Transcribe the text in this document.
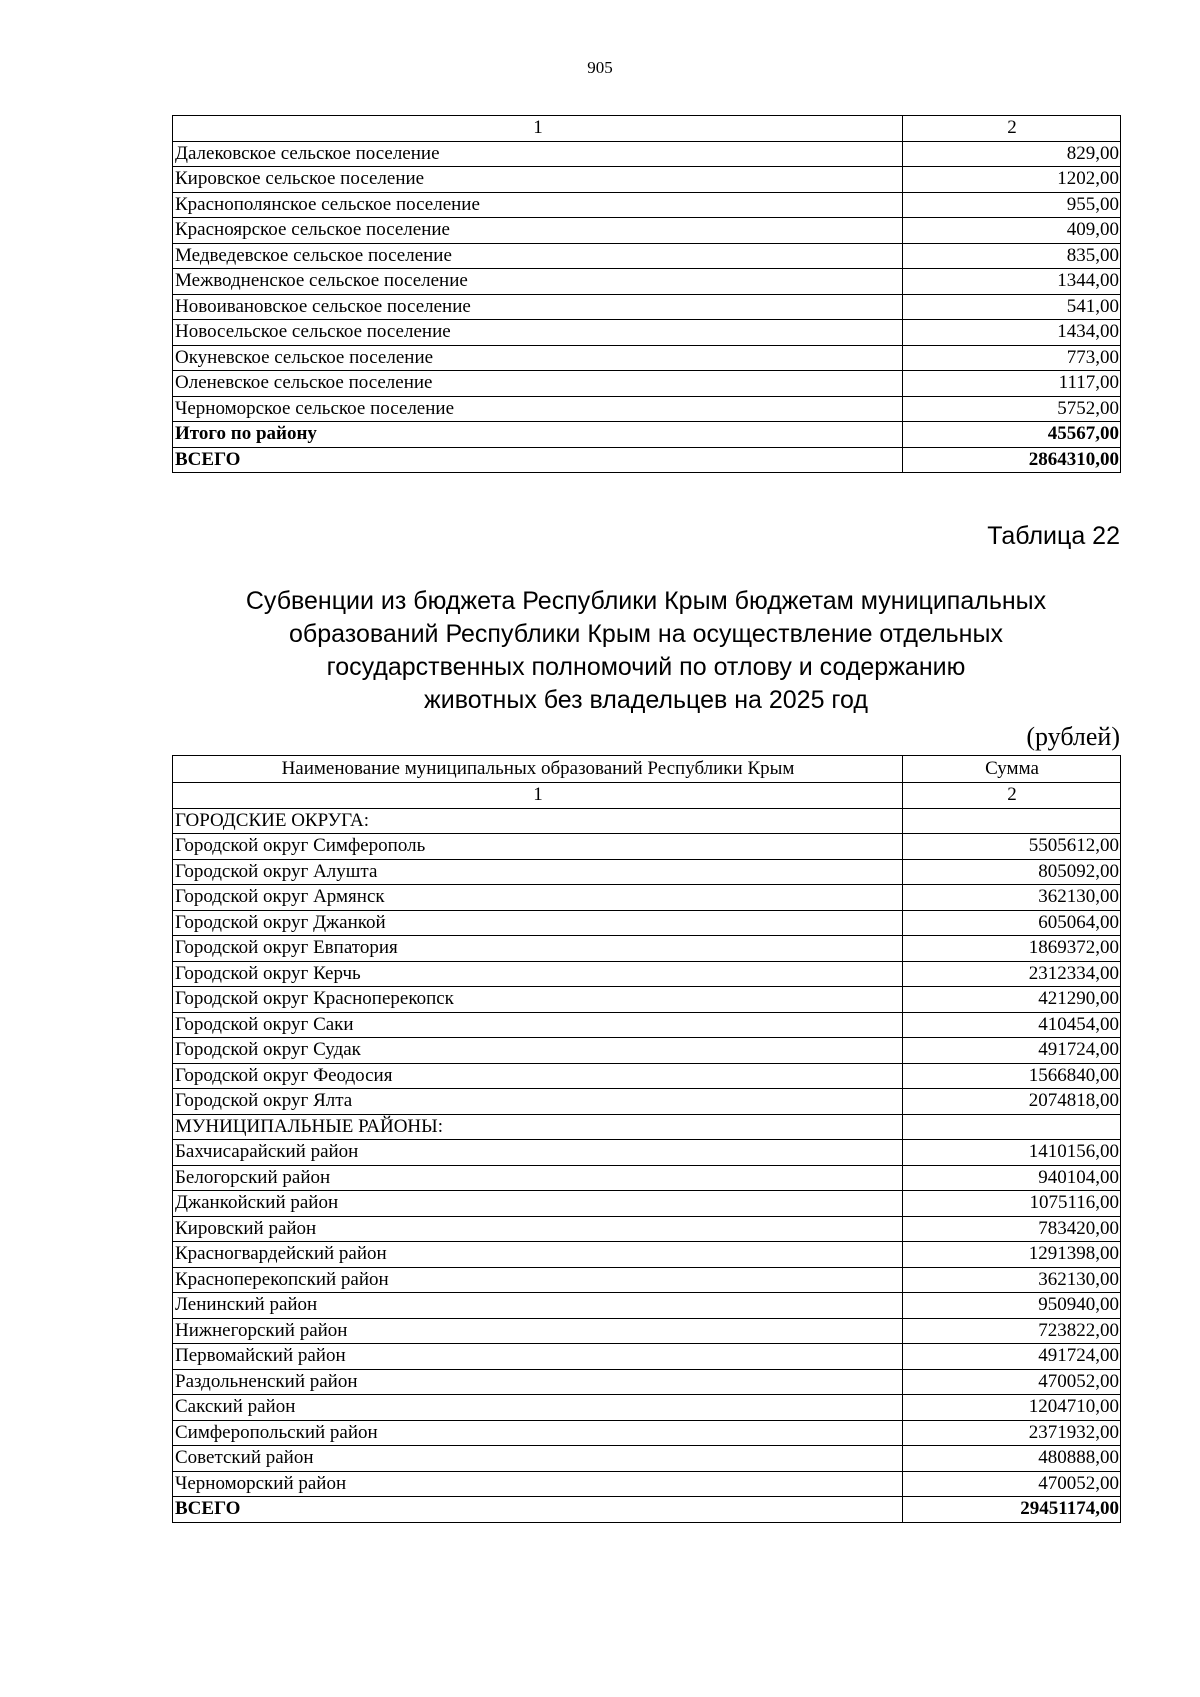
905
1	2
Далековское сельское поселение	829,00
Кировское сельское поселение	1202,00
Краснополянское сельское поселение	955,00
Красноярское сельское поселение	409,00
Медведевское сельское поселение	835,00
Межводненское сельское поселение	1344,00
Новоивановское сельское поселение	541,00
Новосельское сельское поселение	1434,00
Окуневское сельское поселение	773,00
Оленевское сельское поселение	1117,00
Черноморское сельское поселение	5752,00
Итого по району	45567,00
ВСЕГО	2864310,00
Таблица 22
Субвенции из бюджета Республики Крым бюджетам муниципальных
образований Республики Крым на осуществление отдельных
государственных полномочий по отлову и содержанию
животных без владельцев на 2025 год
(рублей)
Наименование муниципальных образований Республики Крым	Сумма
1	2
ГОРОДСКИЕ ОКРУГА:	
Городской округ Симферополь	5505612,00
Городской округ Алушта	805092,00
Городской округ Армянск	362130,00
Городской округ Джанкой	605064,00
Городской округ Евпатория	1869372,00
Городской округ Керчь	2312334,00
Городской округ Красноперекопск	421290,00
Городской округ Саки	410454,00
Городской округ Судак	491724,00
Городской округ Феодосия	1566840,00
Городской округ Ялта	2074818,00
МУНИЦИПАЛЬНЫЕ РАЙОНЫ:	
Бахчисарайский район	1410156,00
Белогорский район	940104,00
Джанкойский район	1075116,00
Кировский район	783420,00
Красногвардейский район	1291398,00
Красноперекопский район	362130,00
Ленинский район	950940,00
Нижнегорский район	723822,00
Первомайский район	491724,00
Раздольненский район	470052,00
Сакский район	1204710,00
Симферопольский район	2371932,00
Советский район	480888,00
Черноморский район	470052,00
ВСЕГО	29451174,00
